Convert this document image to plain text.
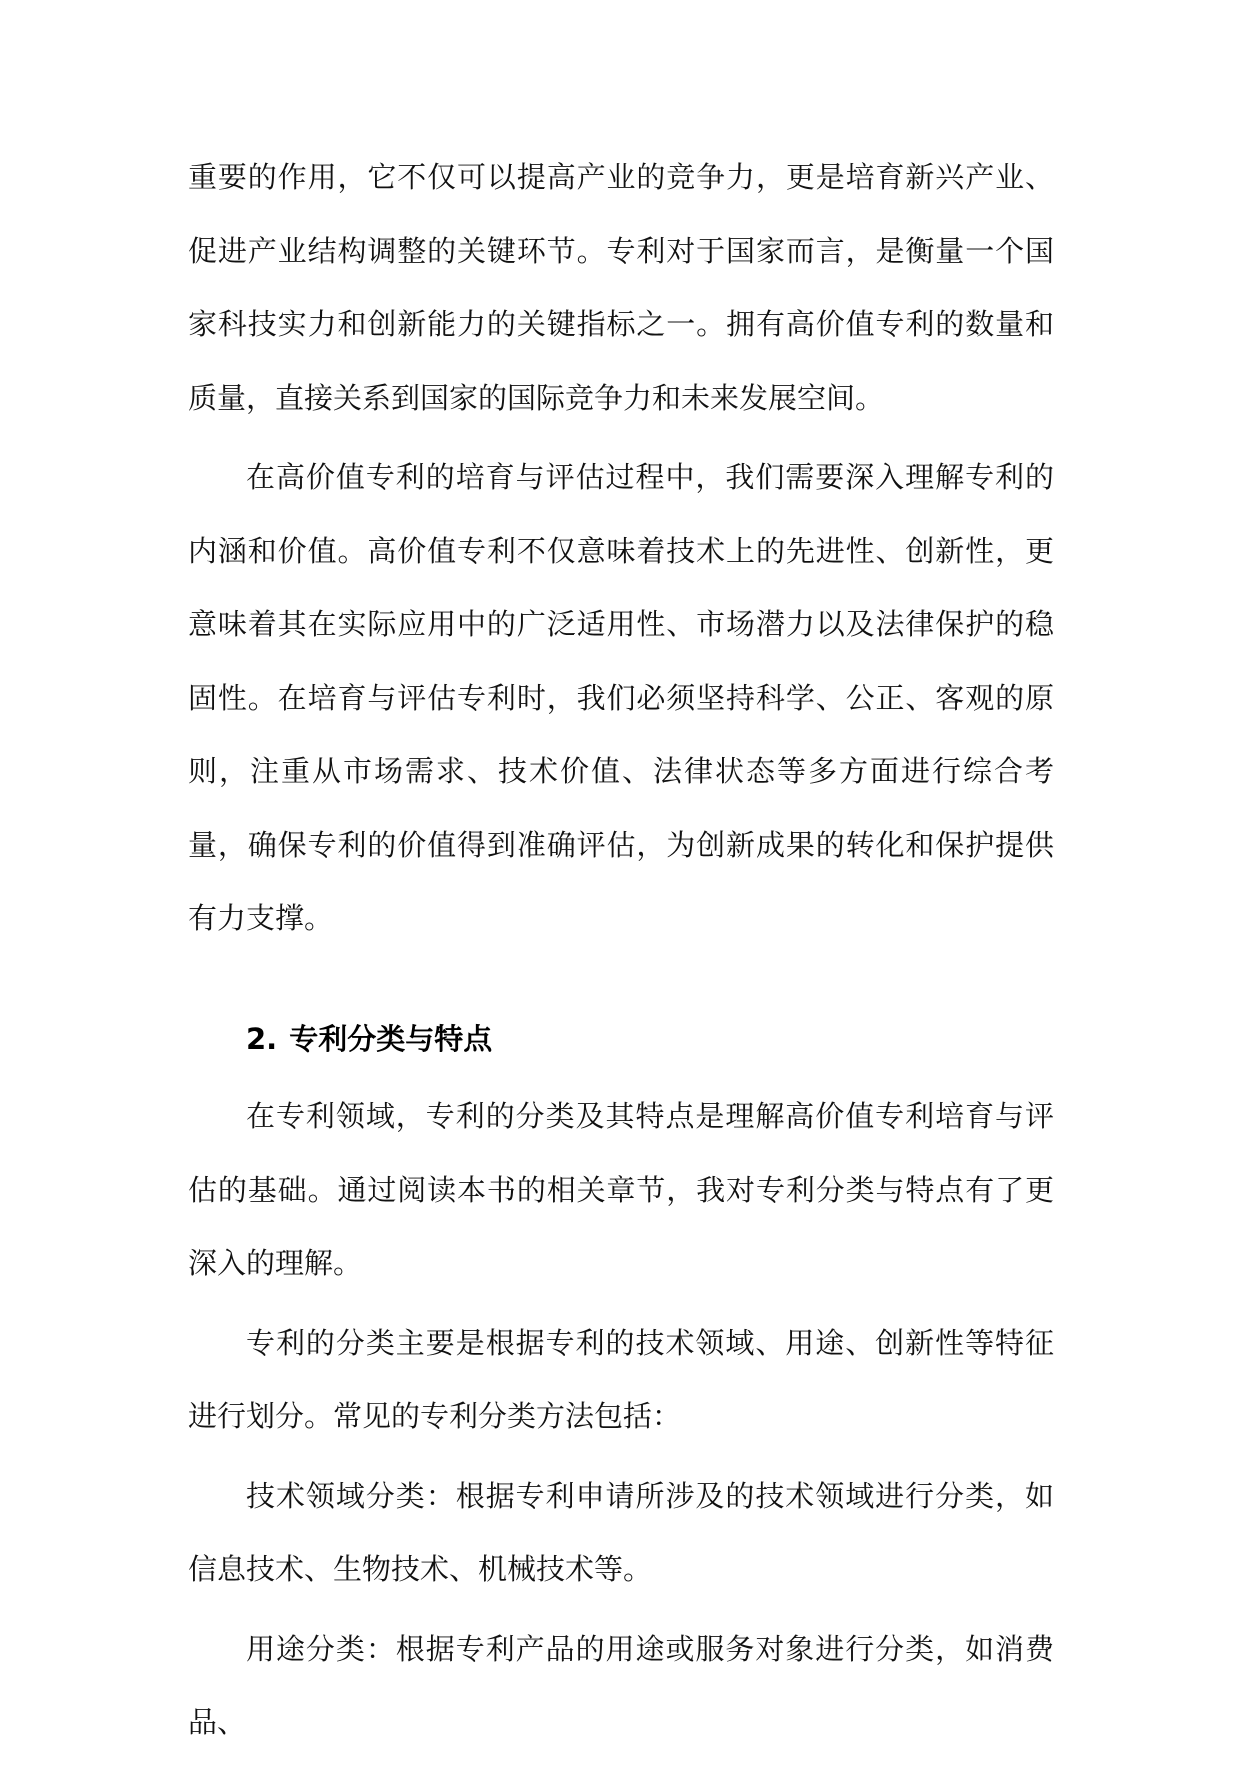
重要的作用，它不仅可以提高产业的竞争力，更是培育新兴产业、促进产业结构调整的关键环节。专利对于国家而言，是衡量一个国家科技实力和创新能力的关键指标之一。拥有高价值专利的数量和质量，直接关系到国家的国际竞争力和未来发展空间。

在高价值专利的培育与评估过程中，我们需要深入理解专利的内涵和价值。高价值专利不仅意味着技术上的先进性、创新性，更意味着其在实际应用中的广泛适用性、市场潜力以及法律保护的稳固性。在培育与评估专利时，我们必须坚持科学、公正、客观的原则，注重从市场需求、技术价值、法律状态等多方面进行综合考量，确保专利的价值得到准确评估，为创新成果的转化和保护提供有力支撑。

2. 专利分类与特点

在专利领域，专利的分类及其特点是理解高价值专利培育与评估的基础。通过阅读本书的相关章节，我对专利分类与特点有了更深入的理解。

专利的分类主要是根据专利的技术领域、用途、创新性等特征进行划分。常见的专利分类方法包括：

技术领域分类：根据专利申请所涉及的技术领域进行分类，如信息技术、生物技术、机械技术等。

用途分类：根据专利产品的用途或服务对象进行分类，如消费品、
